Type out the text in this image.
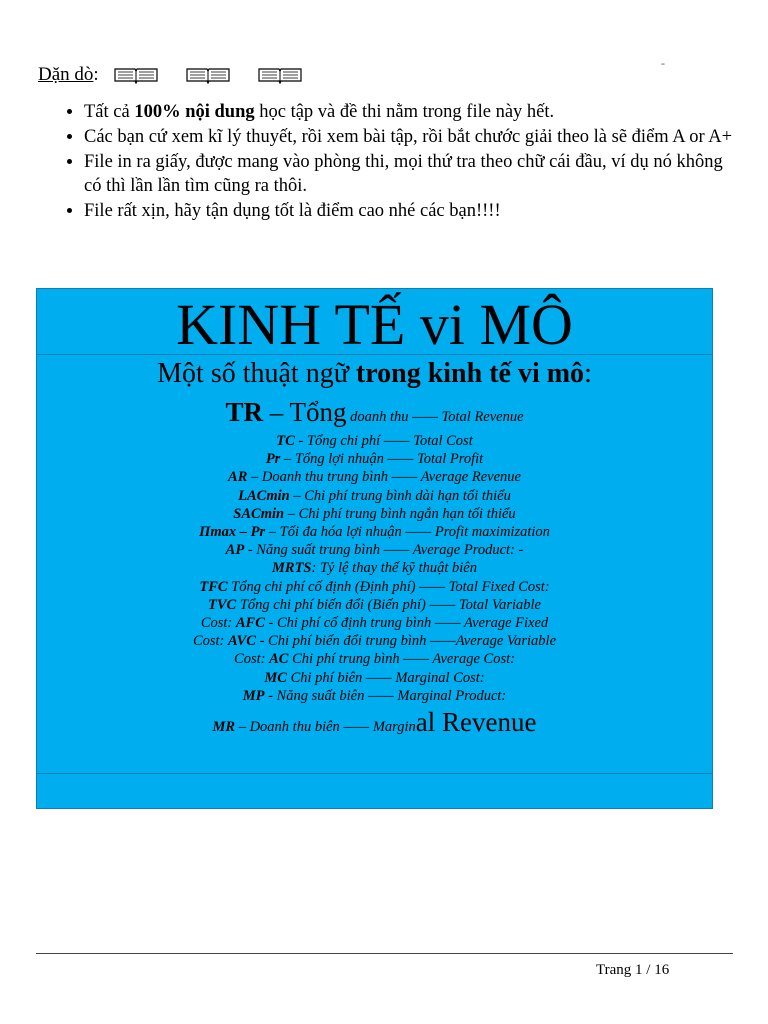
-
Dặn dò :
• Tất cả 100% nội dung học tập và đề thi nằm trong file này hết.
• Các bạn cứ xem kĩ lý thuyết, rồi xem bài tập, rồi bắt chước giải theo là sẽ điểm A or A+
• File in ra giấy, được mang vào phòng thi, mọi thứ tra theo chữ cái đầu, ví dụ nó không có thì lần lần tìm cũng ra thôi.
• File rất xịn, hãy tận dụng tốt là điểm cao nhé các bạn!!!!
KINH TẾ vi MÔ
Một số thuật ngữ trong kinh tế vi mô:
TR – Tổng doanh thu —— Total Revenue
TC - Tổng chi phí —— Total Cost
Pr – Tổng lợi nhuận —— Total Profit
AR – Doanh thu trung bình —— Average Revenue
LACmin – Chi phí trung bình dài hạn tối thiểu
SACmin – Chi phí trung bình ngắn hạn tối thiểu
Πmax – Pr – Tối đa hóa lợi nhuận —— Profit maximization
AP - Năng suất trung bình —— Average Product: -
MRTS: Tỷ lệ thay thế kỹ thuật biên
TFC Tổng chi phí cố định (Định phí) —— Total Fixed Cost:
TVC Tổng chi phí biến đổi (Biến phí) —— Total Variable
Cost: AFC - Chi phí cố định trung bình —— Average Fixed
Cost: AVC - Chi phí biến đổi trung bình ——Average Variable
Cost: AC Chi phí trung bình —— Average Cost:
MC Chi phí biên —— Marginal Cost:
MP - Năng suất biên —— Marginal Product:
MR – Doanh thu biên —— Marginal Revenue
Trang 1 / 16
